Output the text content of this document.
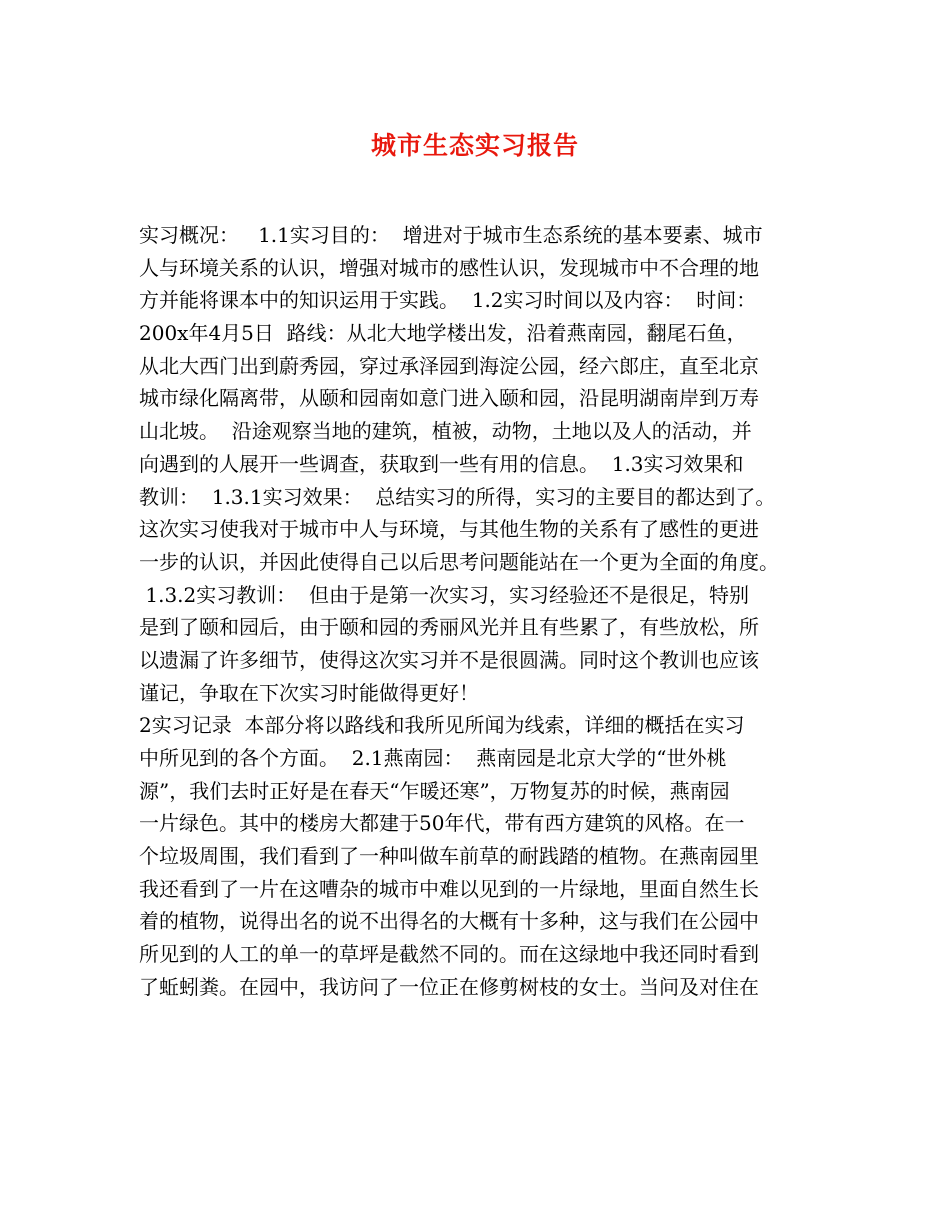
城市生态实习报告
实习概况：   1.1实习目的：  增进对于城市生态系统的基本要素、城市
人与环境关系的认识，增强对城市的感性认识，发现城市中不合理的地
方并能将课本中的知识运用于实践。  1.2实习时间以及内容：  时间：
200x年4月5日  路线：从北大地学楼出发，沿着燕南园，翻尾石鱼，
从北大西门出到蔚秀园，穿过承泽园到海淀公园，经六郎庄，直至北京
城市绿化隔离带，从颐和园南如意门进入颐和园，沿昆明湖南岸到万寿
山北坡。  沿途观察当地的建筑，植被，动物，土地以及人的活动，并
向遇到的人展开一些调查，获取到一些有用的信息。  1.3实习效果和
教训：  1.3.1实习效果：  总结实习的所得，实习的主要目的都达到了。
这次实习使我对于城市中人与环境，与其他生物的关系有了感性的更进
一步的认识，并因此使得自己以后思考问题能站在一个更为全面的角度。
1.3.2实习教训：  但由于是第一次实习，实习经验还不是很足，特别
是到了颐和园后，由于颐和园的秀丽风光并且有些累了，有些放松，所
以遗漏了许多细节，使得这次实习并不是很圆满。同时这个教训也应该
谨记，争取在下次实习时能做得更好！
2实习记录  本部分将以路线和我所见所闻为线索，详细的概括在实习
中所见到的各个方面。  2.1燕南园：  燕南园是北京大学的“世外桃
源”，我们去时正好是在春天“乍暖还寒”，万物复苏的时候，燕南园
一片绿色。其中的楼房大都建于50年代，带有西方建筑的风格。在一
个垃圾周围，我们看到了一种叫做车前草的耐践踏的植物。在燕南园里
我还看到了一片在这嘈杂的城市中难以见到的一片绿地，里面自然生长
着的植物，说得出名的说不出得名的大概有十多种，这与我们在公园中
所见到的人工的单一的草坪是截然不同的。而在这绿地中我还同时看到
了蚯蚓粪。在园中，我访问了一位正在修剪树枝的女士。当问及对住在
